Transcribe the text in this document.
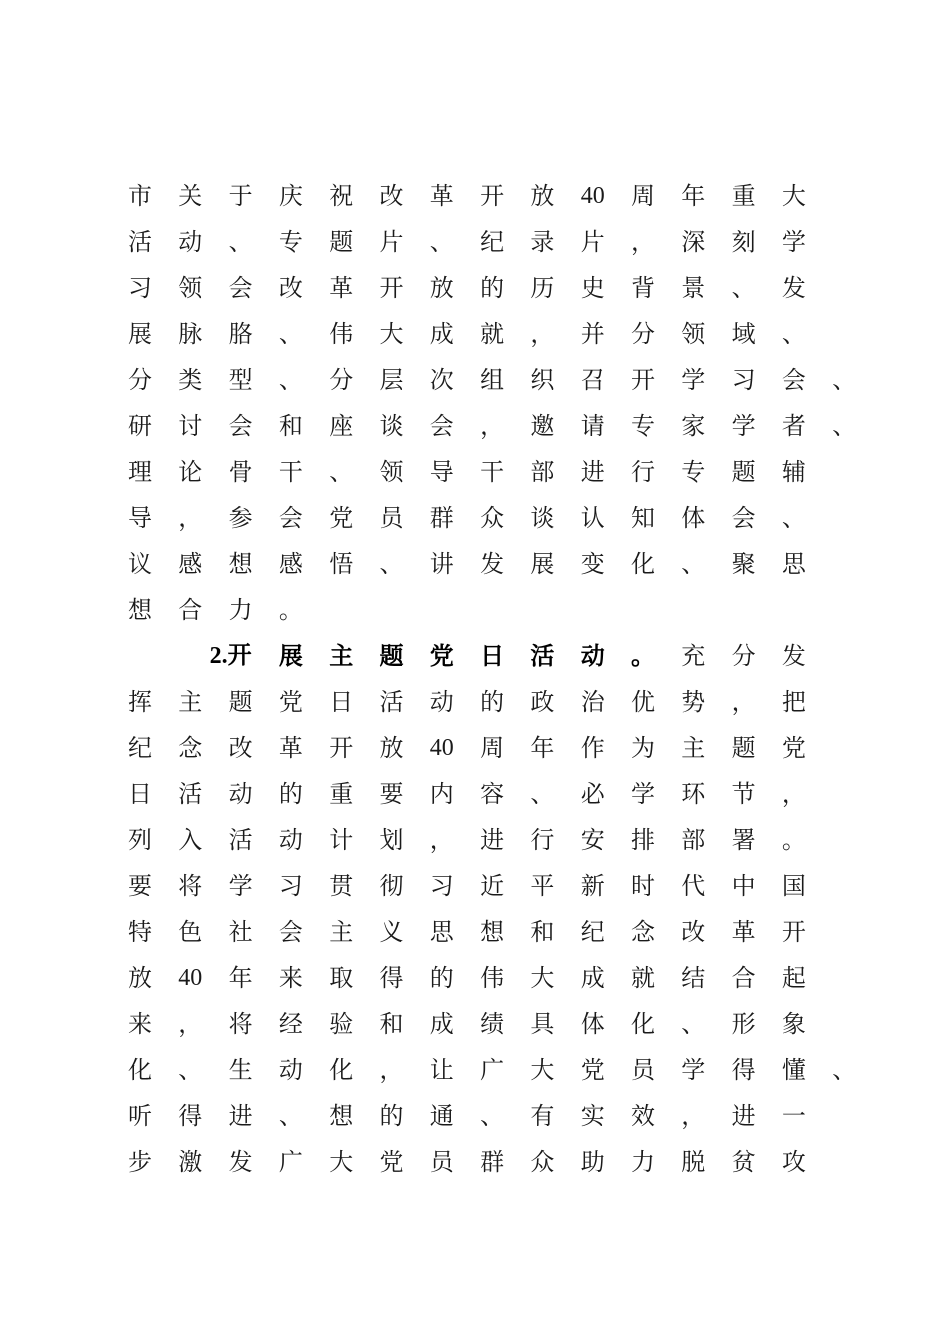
市	关	于	庆	祝	改	革	开	放	40	周	年	重	大
活	动	、	专	题	片	、	纪	录	片	，	深	刻	学
习	领	会	改	革	开	放	的	历	史	背	景	、	发
展	脉	胳	、	伟	大	成	就	，	并	分	领	域	、
分	类	型	、	分	层	次	组	织	召	开	学	习	会	、
研	讨	会	和	座	谈	会	，	邀	请	专	家	学	者	、
理	论	骨	干	、	领	导	干	部	进	行	专	题	辅
导	，	参	会	党	员	群	众	谈	认	知	体	会	、
议	感	想	感	悟	、	讲	发	展	变	化	、	聚	思
想	合	力	。
2.开	展	主	题	党	日	活	动	。	充	分	发
挥	主	题	党	日	活	动	的	政	治	优	势	，	把
纪	念	改	革	开	放	40	周	年	作	为	主	题	党
日	活	动	的	重	要	内	容	、	必	学	环	节	，
列	入	活	动	计	划	，	进	行	安	排	部	署	。
要	将	学	习	贯	彻	习	近	平	新	时	代	中	国
特	色	社	会	主	义	思	想	和	纪	念	改	革	开
放	40	年	来	取	得	的	伟	大	成	就	结	合	起
来	，	将	经	验	和	成	绩	具	体	化	、	形	象
化	、	生	动	化	，	让	广	大	党	员	学	得	懂	、
听	得	进	、	想	的	通	、	有	实	效	，	进	一
步	激	发	广	大	党	员	群	众	助	力	脱	贫	攻
